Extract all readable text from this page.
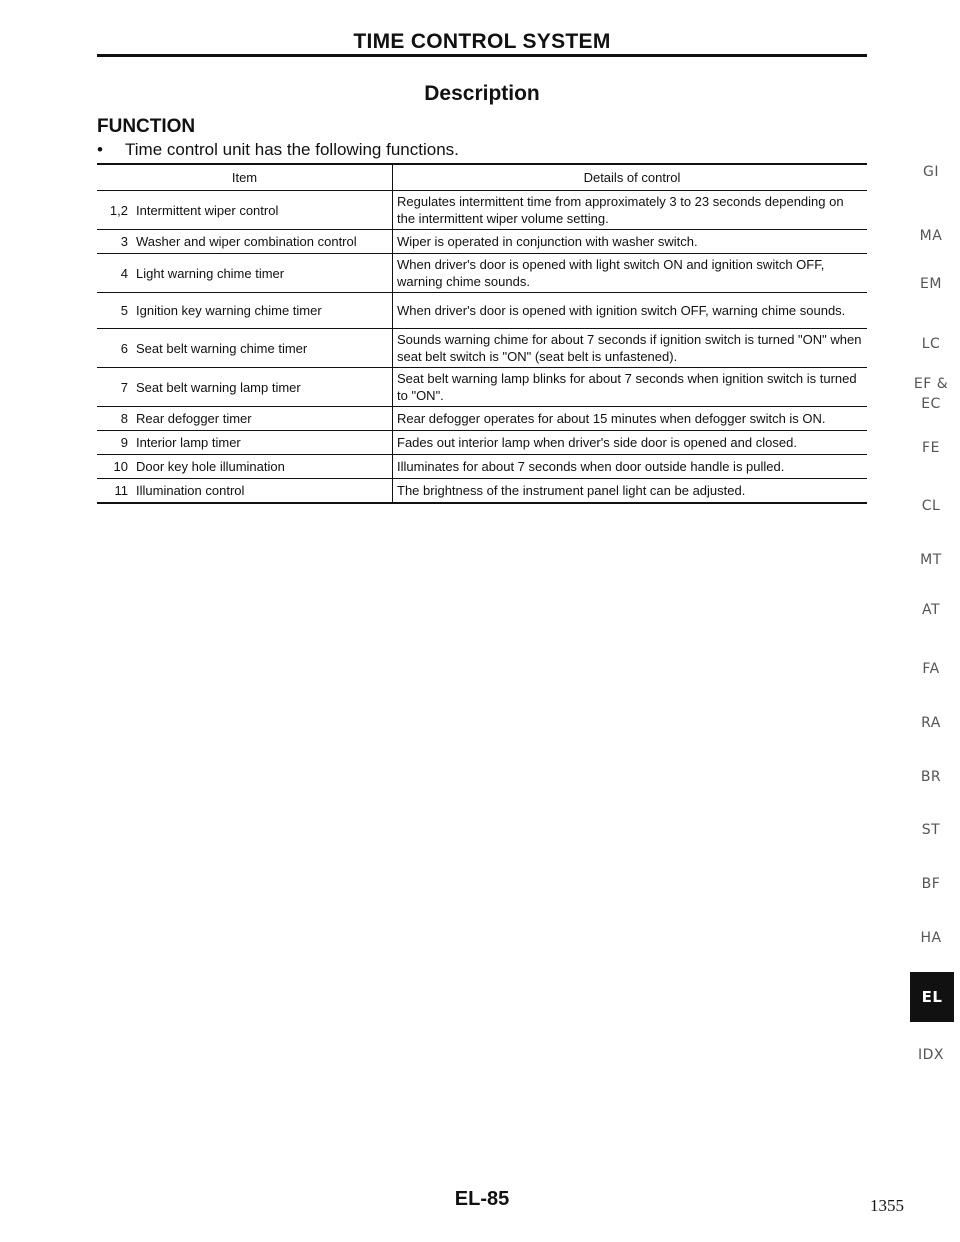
TIME CONTROL SYSTEM
Description
FUNCTION
• Time control unit has the following functions.
Item		Details of control
1,2	Intermittent wiper control	Regulates intermittent time from approximately 3 to 23 seconds depending on the intermittent wiper volume setting.
3	Washer and wiper combination control	Wiper is operated in conjunction with washer switch.
4	Light warning chime timer	When driver's door is opened with light switch ON and ignition switch OFF, warning chime sounds.
5	Ignition key warning chime timer	When driver's door is opened with ignition switch OFF, warning chime sounds.
6	Seat belt warning chime timer	Sounds warning chime for about 7 seconds if ignition switch is turned "ON" when seat belt switch is "ON" (seat belt is unfastened).
7	Seat belt warning lamp timer	Seat belt warning lamp blinks for about 7 seconds when ignition switch is turned to "ON".
8	Rear defogger timer	Rear defogger operates for about 15 minutes when defogger switch is ON.
9	Interior lamp timer	Fades out interior lamp when driver's side door is opened and closed.
10	Door key hole illumination	Illuminates for about 7 seconds when door outside handle is pulled.
11	Illumination control	The brightness of the instrument panel light can be adjusted.
GI
MA
EM
LC
EF &
EC
FE
CL
MT
AT
FA
RA
BR
ST
BF
HA
EL
IDX
EL-85	1355
